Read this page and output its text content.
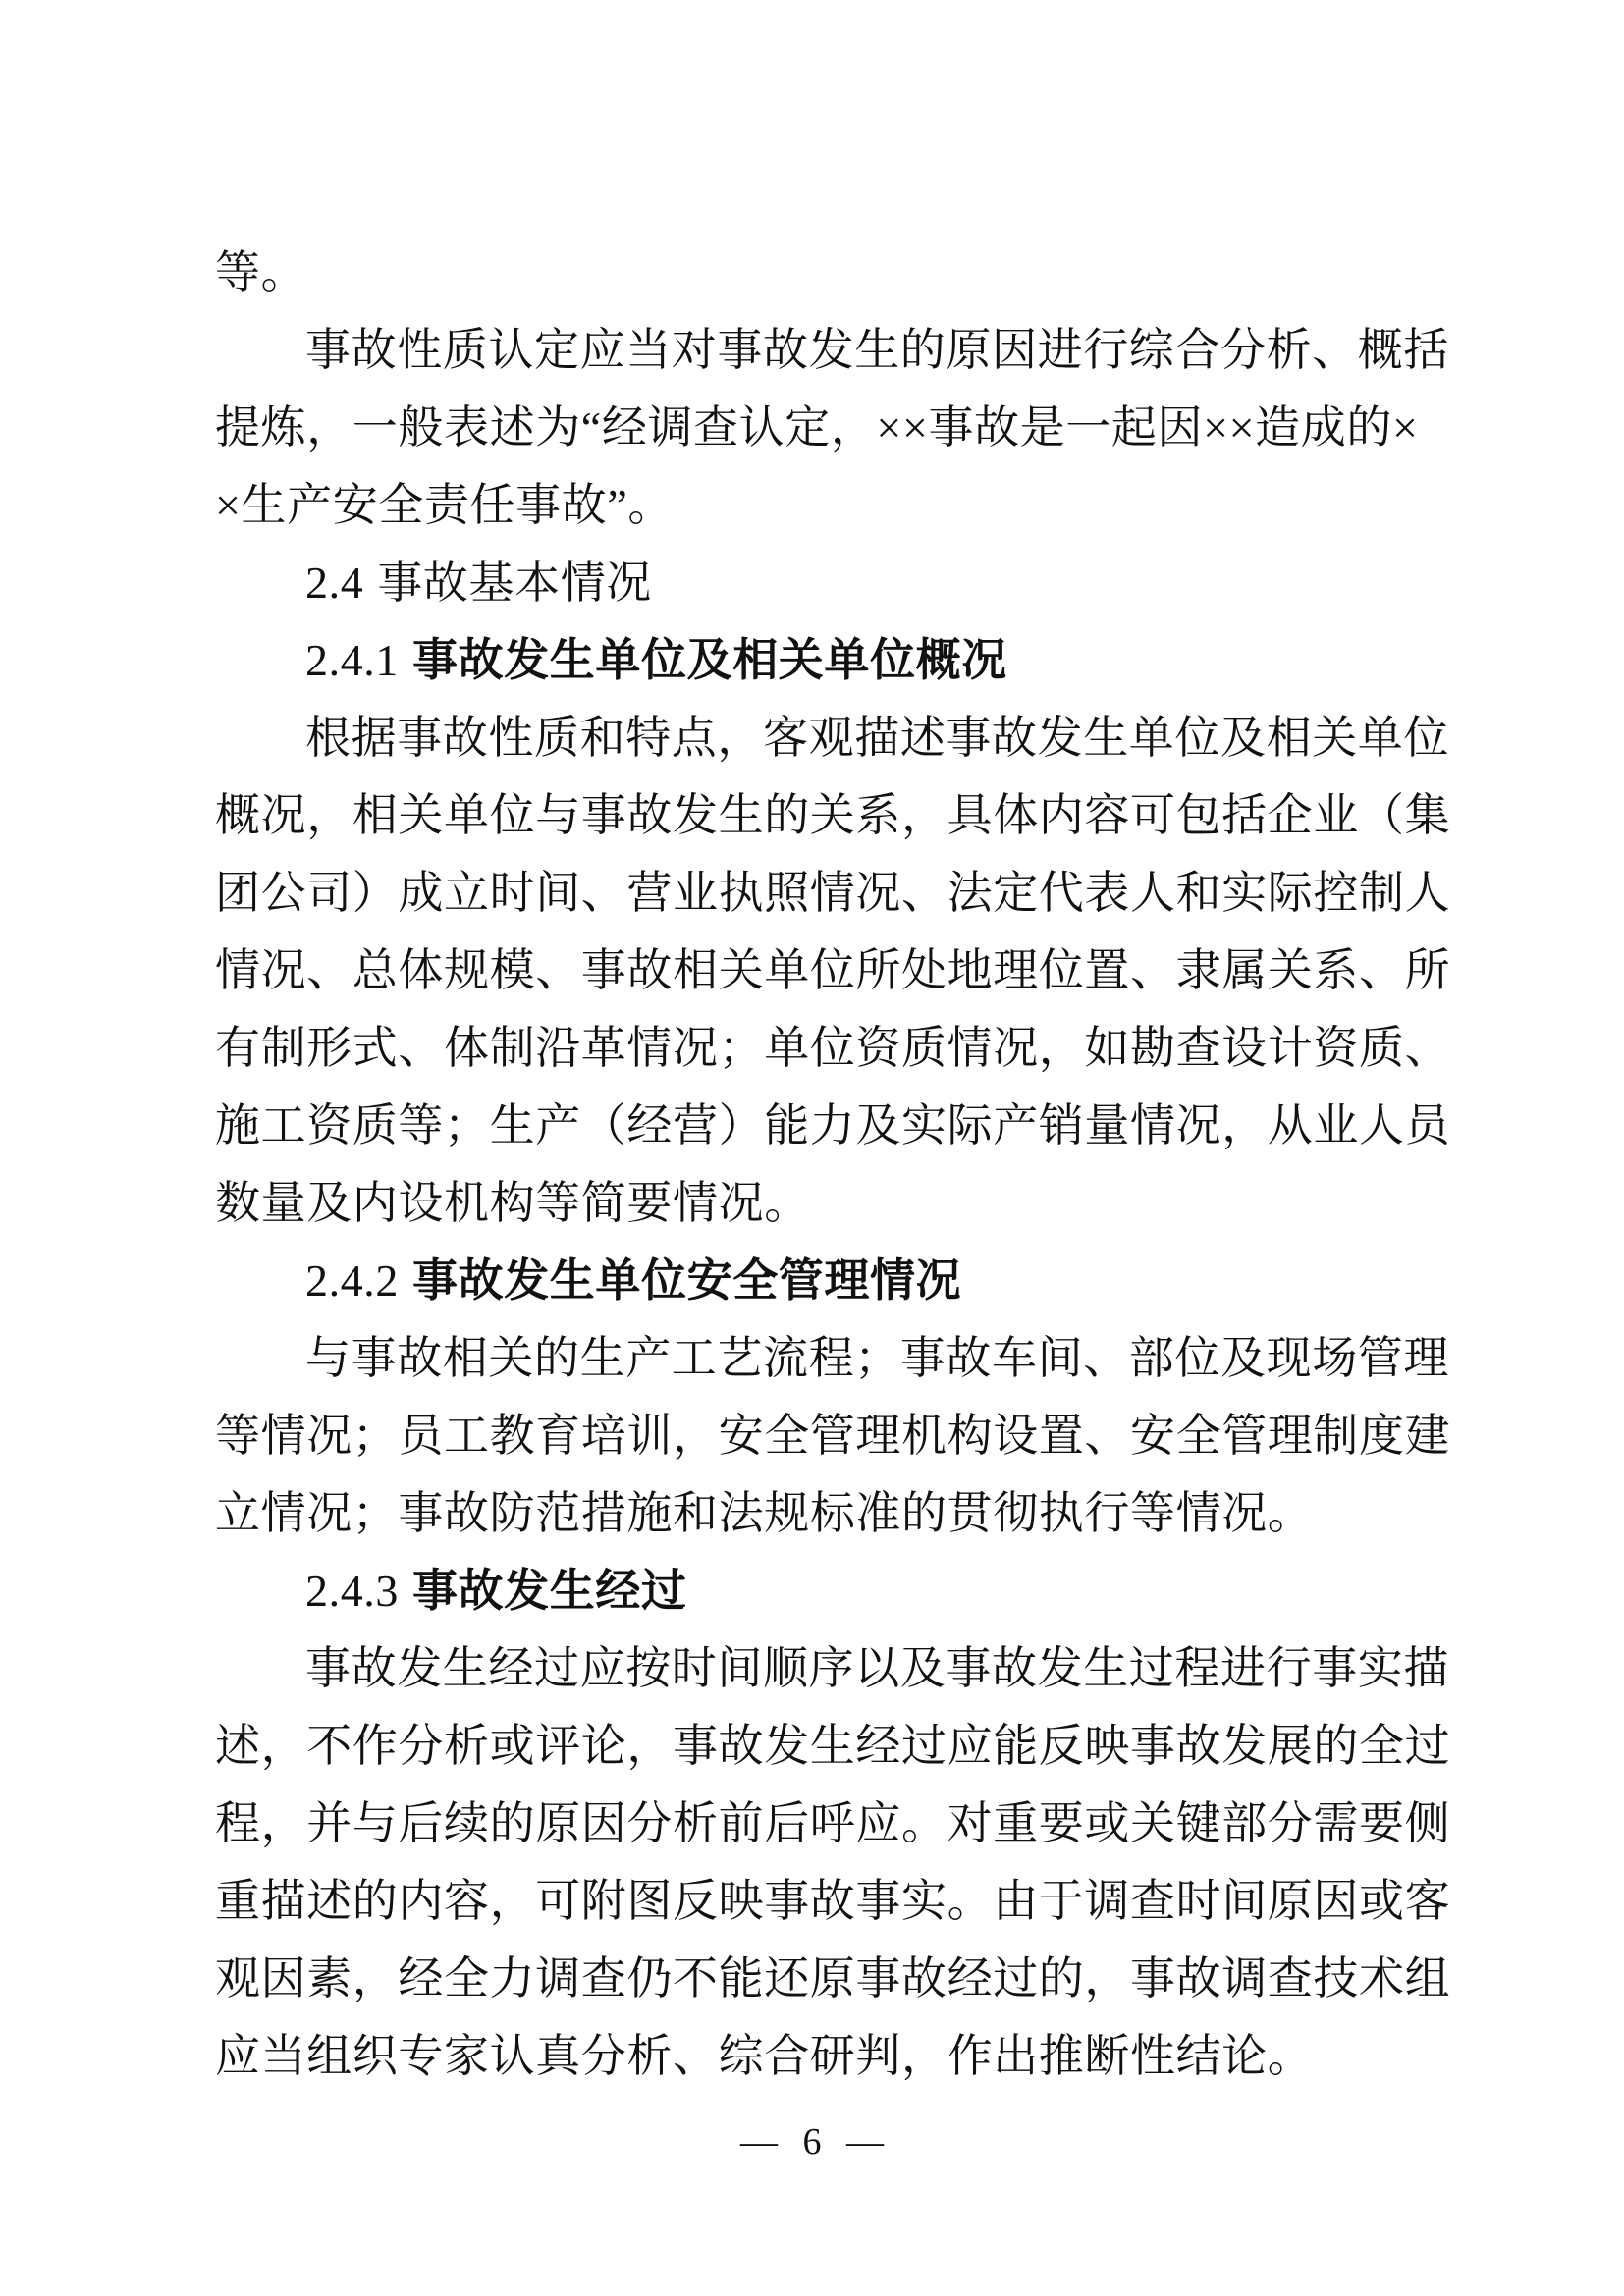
等。
事故性质认定应当对事故发生的原因进行综合分析、概括
提炼，一般表述为“经调查认定，××事故是一起因××造成的×
×生产安全责任事故”。
2.4 事故基本情况
2.4.1 事故发生单位及相关单位概况
根据事故性质和特点，客观描述事故发生单位及相关单位
概况，相关单位与事故发生的关系，具体内容可包括企业（集
团公司）成立时间、营业执照情况、法定代表人和实际控制人
情况、总体规模、事故相关单位所处地理位置、隶属关系、所
有制形式、体制沿革情况；单位资质情况，如勘查设计资质、
施工资质等；生产（经营）能力及实际产销量情况，从业人员
数量及内设机构等简要情况。
2.4.2 事故发生单位安全管理情况
与事故相关的生产工艺流程；事故车间、部位及现场管理
等情况；员工教育培训，安全管理机构设置、安全管理制度建
立情况；事故防范措施和法规标准的贯彻执行等情况。
2.4.3 事故发生经过
事故发生经过应按时间顺序以及事故发生过程进行事实描
述，不作分析或评论，事故发生经过应能反映事故发展的全过
程，并与后续的原因分析前后呼应。对重要或关键部分需要侧
重描述的内容，可附图反映事故事实。由于调查时间原因或客
观因素，经全力调查仍不能还原事故经过的，事故调查技术组
应当组织专家认真分析、综合研判，作出推断性结论。
— 6 —
